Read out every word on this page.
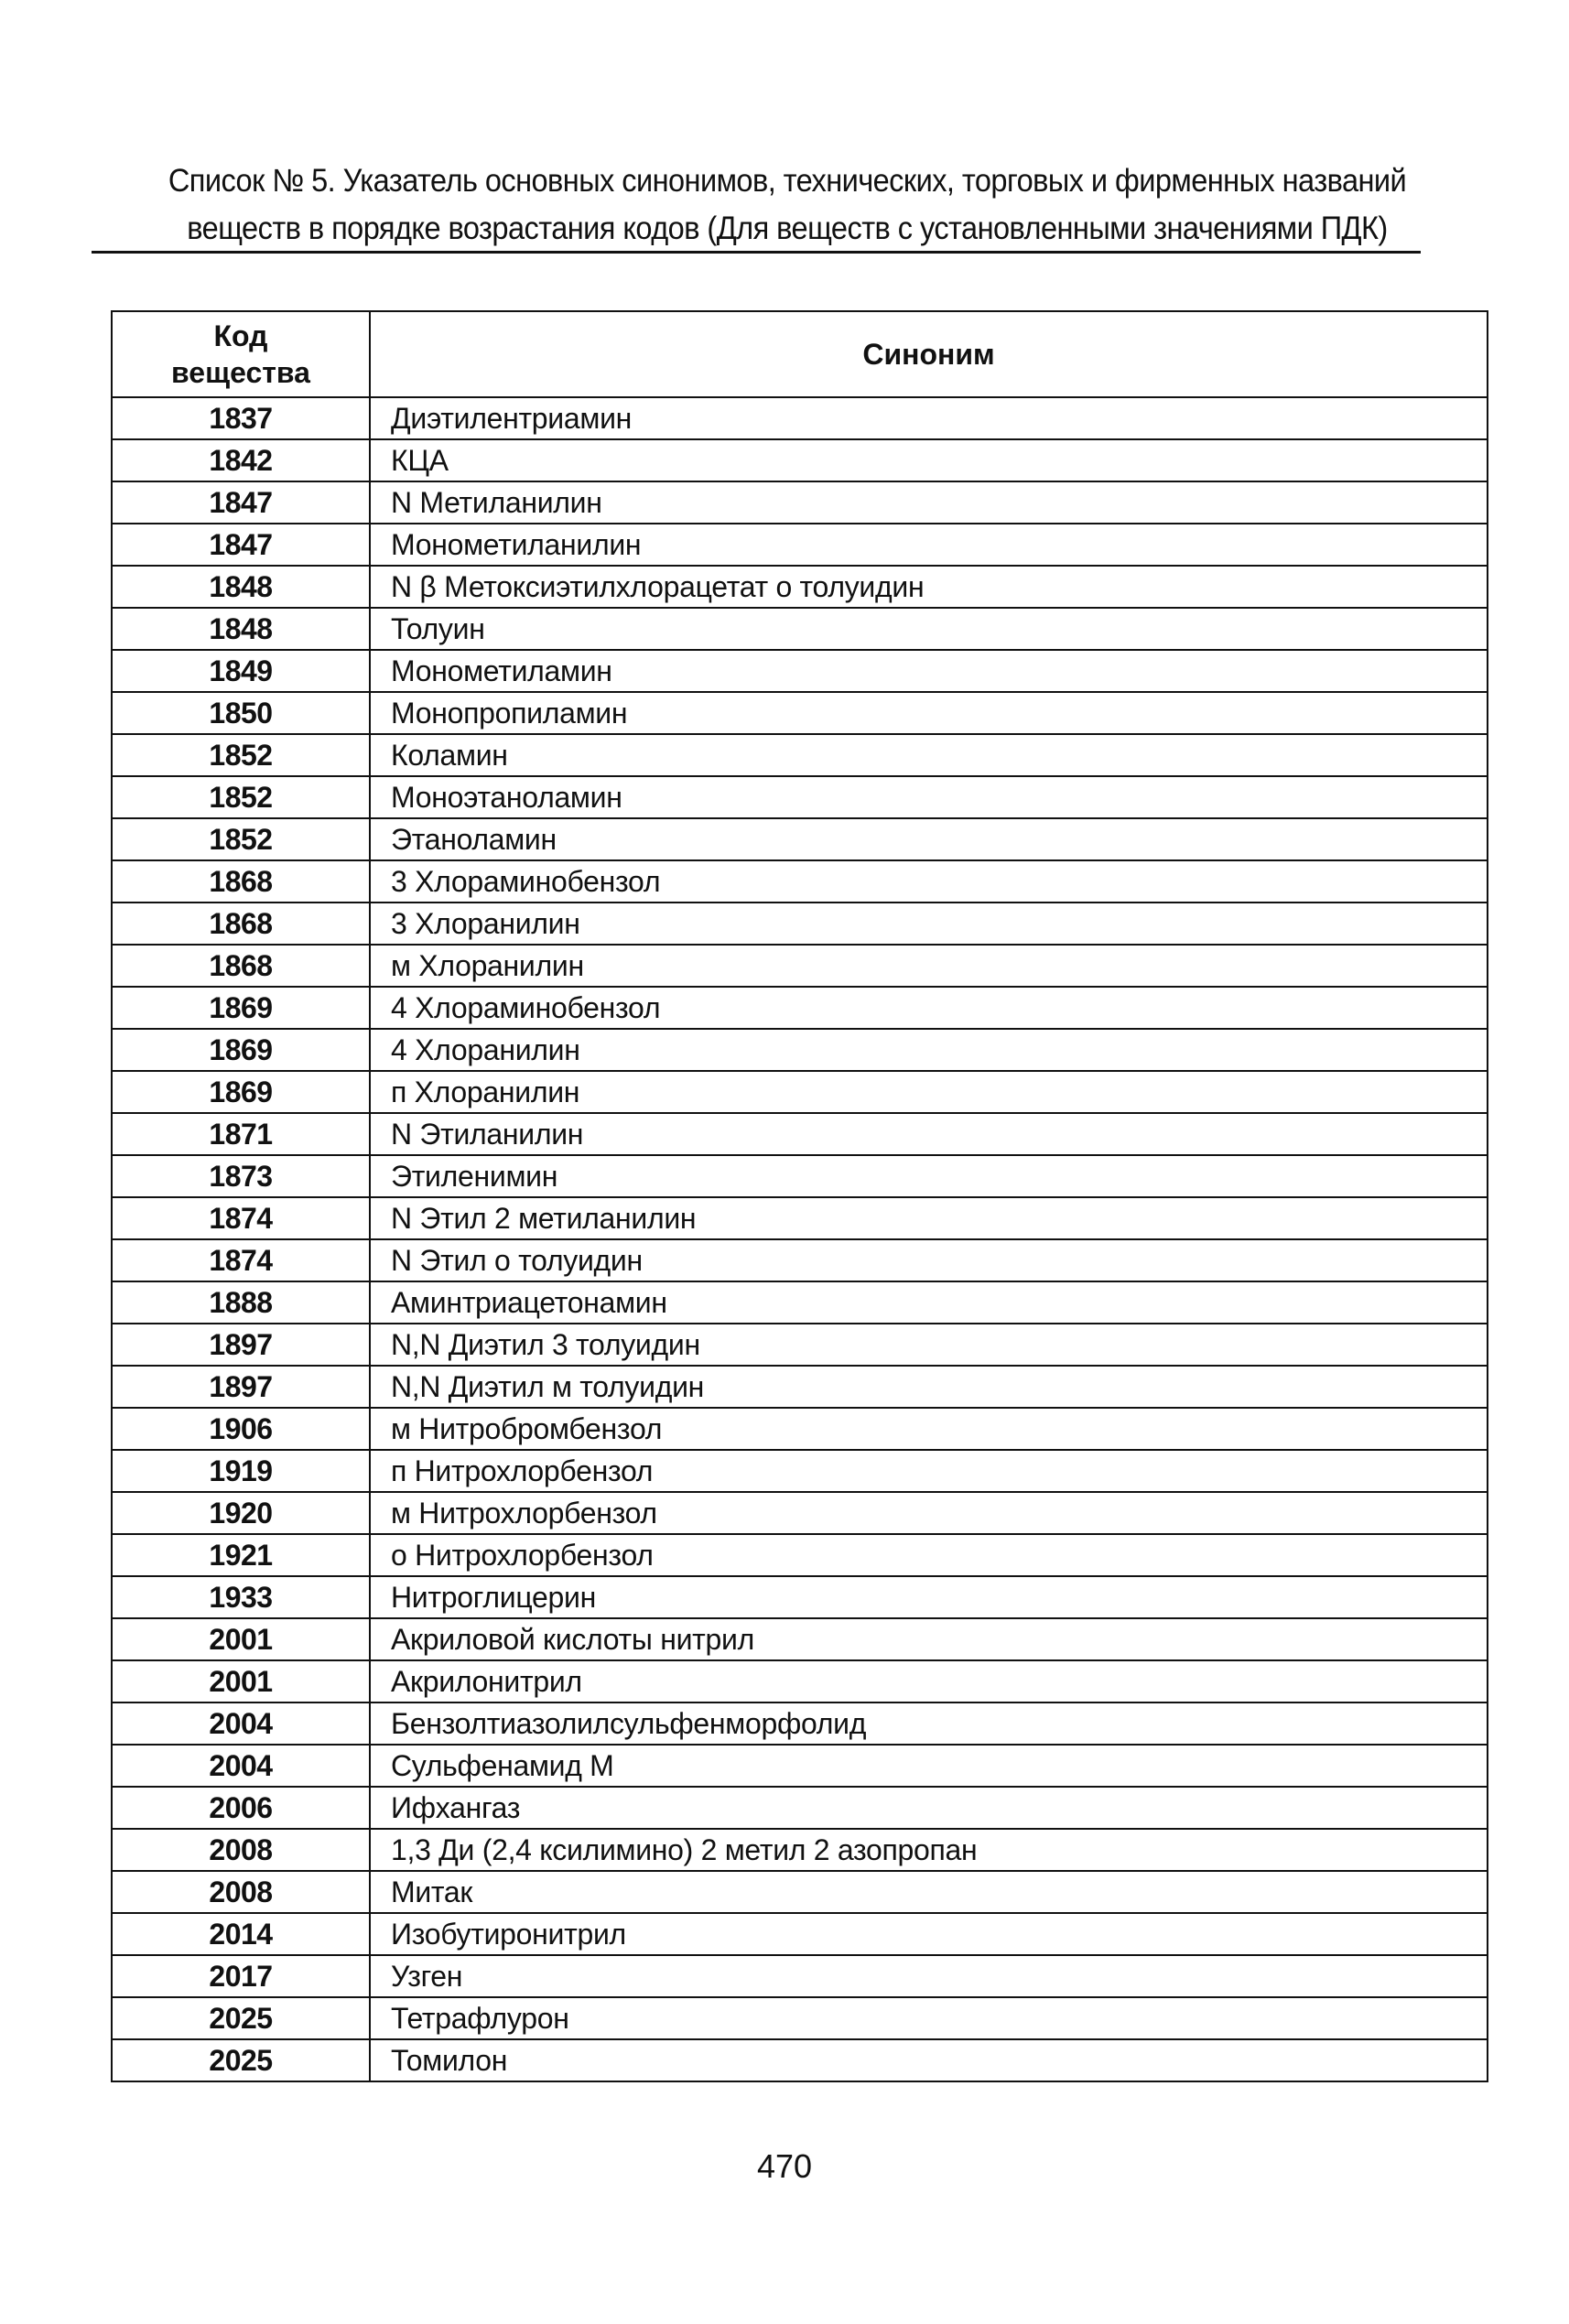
Список № 5. Указатель основных синонимов, технических, торговых и фирменных названий веществ в порядке возрастания кодов (Для веществ с установленными значениями ПДК)
Код
вещества	Синоним
1837	Диэтилентриамин
1842	КЦА
1847	N Метиланилин
1847	Монометиланилин
1848	N β Метоксиэтилхлорацетат о толуидин
1848	Толуин
1849	Монометиламин
1850	Монопропиламин
1852	Коламин
1852	Моноэтаноламин
1852	Этаноламин
1868	3 Хлораминобензол
1868	3 Хлоранилин
1868	м Хлоранилин
1869	4 Хлораминобензол
1869	4 Хлоранилин
1869	п Хлоранилин
1871	N Этиланилин
1873	Этиленимин
1874	N Этил 2 метиланилин
1874	N Этил о толуидин
1888	Аминтриацетонамин
1897	N,N Диэтил 3 толуидин
1897	N,N Диэтил м толуидин
1906	м Нитробромбензол
1919	п Нитрохлорбензол
1920	м Нитрохлорбензол
1921	о Нитрохлорбензол
1933	Нитроглицерин
2001	Акриловой кислоты нитрил
2001	Акрилонитрил
2004	Бензолтиазолилсульфенморфолид
2004	Сульфенамид М
2006	Ифхангаз
2008	1,3 Ди (2,4 ксилимино) 2 метил 2 азопропан
2008	Митак
2014	Изобутиронитрил
2017	Узген
2025	Тетрафлурон
2025	Томилон
470
